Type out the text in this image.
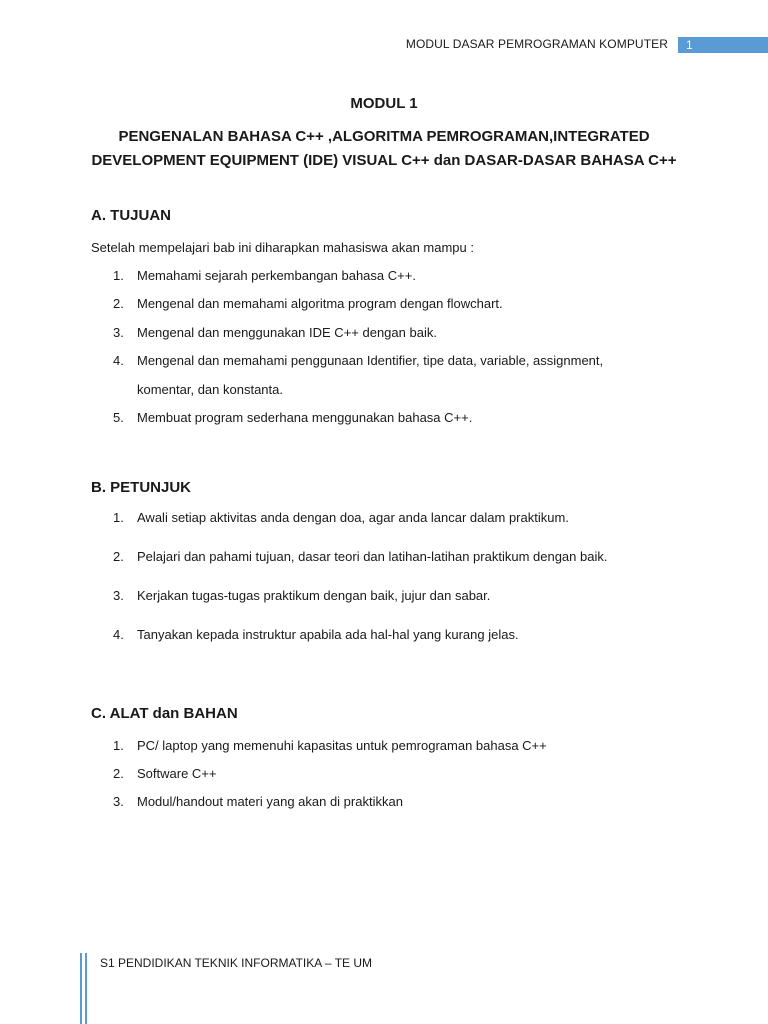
MODUL DASAR PEMROGRAMAN KOMPUTER	1
MODUL 1
PENGENALAN BAHASA C++ ,ALGORITMA PEMROGRAMAN,INTEGRATED
DEVELOPMENT EQUIPMENT (IDE) VISUAL C++ dan DASAR-DASAR BAHASA C++
A. TUJUAN
Setelah mempelajari bab ini diharapkan mahasiswa akan mampu :
1. Memahami sejarah perkembangan bahasa C++.
2. Mengenal dan memahami algoritma program dengan flowchart.
3. Mengenal dan menggunakan IDE C++ dengan baik.
4. Mengenal dan memahami penggunaan Identifier, tipe data, variable, assignment,
komentar, dan konstanta.
5. Membuat program sederhana menggunakan bahasa C++.
B. PETUNJUK
1. Awali setiap aktivitas anda dengan doa, agar anda lancar dalam praktikum.
2. Pelajari dan pahami tujuan, dasar teori dan latihan-latihan praktikum dengan baik.
3. Kerjakan tugas-tugas praktikum dengan baik, jujur dan sabar.
4. Tanyakan kepada instruktur apabila ada hal-hal yang kurang jelas.
C. ALAT dan BAHAN
1. PC/ laptop yang memenuhi kapasitas untuk pemrograman bahasa C++
2. Software C++
3. Modul/handout materi yang akan di praktikkan
S1 PENDIDIKAN TEKNIK INFORMATIKA – TE UM
